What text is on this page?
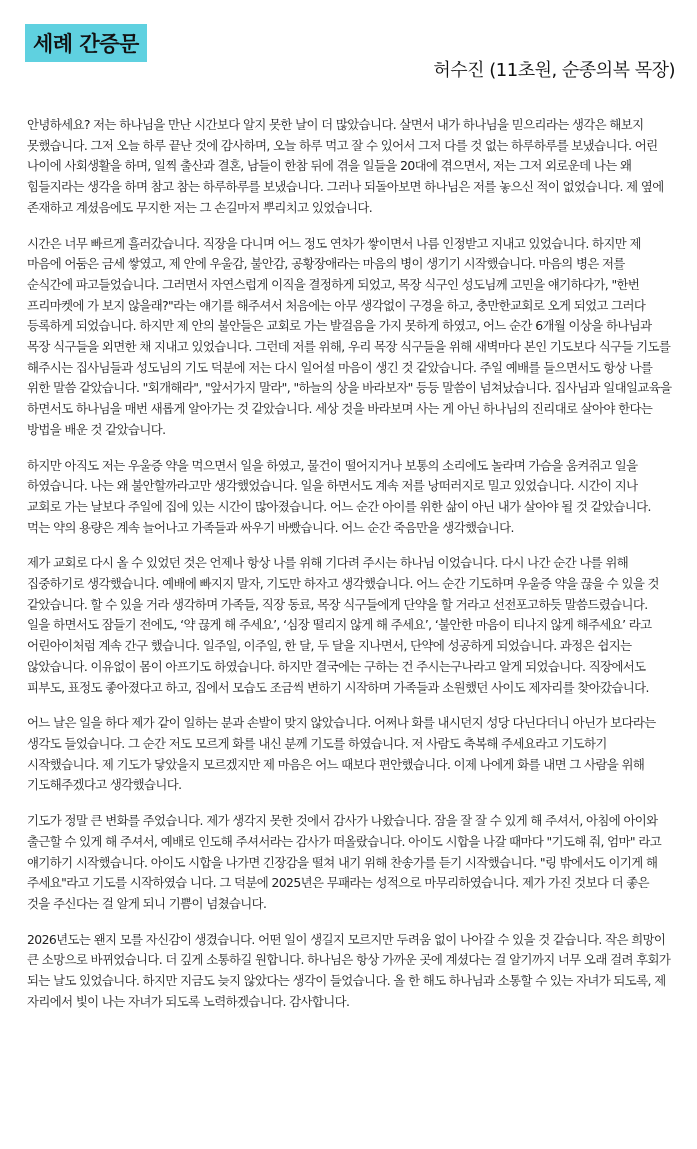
세례 간증문
허수진 (11초원, 순종의복 목장)

안녕하세요? 저는 하나님을 만난 시간보다 알지 못한 날이 더 많았습니다. 살면서 내가 하나님을 믿으리라는 생각은 해보지 못했습니다. 그저 오늘 하루 끝난 것에 감사하며, 오늘 하루 먹고 잘 수 있어서 그저 다를 것 없는 하루하루를 보냈습니다. 어린 나이에 사회생활을 하며, 일찍 출산과 결혼, 남들이 한참 뒤에 겪을 일들을 20대에 겪으면서, 저는 그저 외로운데 나는 왜 힘들지라는 생각을 하며 참고 참는 하루하루를 보냈습니다. 그러나 되돌아보면 하나님은 저를 놓으신 적이 없었습니다. 제 옆에 존재하고 계셨음에도 무지한 저는 그 손길마저 뿌리치고 있었습니다.

시간은 너무 빠르게 흘러갔습니다. 직장을 다니며 어느 정도 연차가 쌓이면서 나름 인정받고 지내고 있었습니다. 하지만 제 마음에 어둠은 금세 쌓였고, 제 안에 우울감, 불안감, 공황장애라는 마음의 병이 생기기 시작했습니다. 마음의 병은 저를 순식간에 파고들었습니다. 그러면서 자연스럽게 이직을 결정하게 되었고, 목장 식구인 성도님께 고민을 얘기하다가, "한번 프리마켓에 가 보지 않을래?"라는 얘기를 해주셔서 처음에는 아무 생각없이 구경을 하고, 충만한교회로 오게 되었고 그러다 등록하게 되었습니다. 하지만 제 안의 불안들은 교회로 가는 발걸음을 가지 못하게 하였고, 어느 순간 6개월 이상을 하나님과 목장 식구들을 외면한 채 지내고 있었습니다. 그런데 저를 위해, 우리 목장 식구들을 위해 새벽마다 본인 기도보다 식구들 기도를 해주시는 집사님들과 성도님의 기도 덕분에 저는 다시 일어설 마음이 생긴 것 같았습니다. 주일 예배를 들으면서도 항상 나를 위한 말씀 같았습니다. "회개해라", "앞서가지 말라", "하늘의 상을 바라보자" 등등 말씀이 넘쳐났습니다. 집사님과 일대일교육을 하면서도 하나님을 매번 새롭게 알아가는 것 같았습니다. 세상 것을 바라보며 사는 게 아닌 하나님의 진리대로 살아야 한다는 방법을 배운 것 같았습니다.

하지만 아직도 저는 우울증 약을 먹으면서 일을 하였고, 물건이 떨어지거나 보통의 소리에도 놀라며 가슴을 움켜쥐고 일을 하였습니다. 나는 왜 불안할까라고만 생각했었습니다. 일을 하면서도 계속 저를 낭떠러지로 밀고 있었습니다. 시간이 지나 교회로 가는 날보다 주일에 집에 있는 시간이 많아졌습니다. 어느 순간 아이를 위한 삶이 아닌 내가 살아야 될 것 같았습니다. 먹는 약의 용량은 계속 늘어나고 가족들과 싸우기 바빴습니다. 어느 순간 죽음만을 생각했습니다.

제가 교회로 다시 올 수 있었던 것은 언제나 항상 나를 위해 기다려 주시는 하나님 이었습니다. 다시 나간 순간 나를 위해 집중하기로 생각했습니다. 예배에 빠지지 말자, 기도만 하자고 생각했습니다. 어느 순간 기도하며 우울증 약을 끊을 수 있을 것 같았습니다. 할 수 있을 거라 생각하며 가족들, 직장 동료, 목장 식구들에게 단약을 할 거라고 선전포고하듯 말씀드렸습니다. 일을 하면서도 잠들기 전에도, ‘약 끊게 해 주세요’, ‘심장 떨리지 않게 해 주세요’, ‘불안한 마음이 티나지 않게 해주세요’ 라고 어린아이처럼 계속 간구 했습니다. 일주일, 이주일, 한 달, 두 달을 지나면서, 단약에 성공하게 되었습니다. 과정은 쉽지는 않았습니다. 이유없이 몸이 아프기도 하였습니다. 하지만 결국에는 구하는 건 주시는구나라고 알게 되었습니다. 직장에서도 피부도, 표정도 좋아졌다고 하고, 집에서 모습도 조금씩 변하기 시작하며 가족들과 소원했던 사이도 제자리를 찾아갔습니다.

어느 날은 일을 하다 제가 같이 일하는 분과 손발이 맞지 않았습니다. 어쩌나 화를 내시던지 성당 다닌다더니 아닌가 보다라는 생각도 들었습니다. 그 순간 저도 모르게 화를 내신 분께 기도를 하였습니다. 저 사람도 축복해 주세요라고 기도하기 시작했습니다. 제 기도가 닿았을지 모르겠지만 제 마음은 어느 때보다 편안했습니다. 이제 나에게 화를 내면 그 사람을 위해 기도해주겠다고 생각했습니다.

기도가 정말 큰 변화를 주었습니다. 제가 생각지 못한 것에서 감사가 나왔습니다. 잠을 잘 잘 수 있게 해 주셔서, 아침에 아이와 출근할 수 있게 해 주셔서, 예배로 인도해 주셔서라는 감사가 떠올랐습니다. 아이도 시합을 나갈 때마다 "기도해 줘, 엄마" 라고 얘기하기 시작했습니다. 아이도 시합을 나가면 긴장감을 떨쳐 내기 위해 찬송가를 듣기 시작했습니다. "링 밖에서도 이기게 해 주세요"라고 기도를 시작하였습 니다. 그 덕분에 2025년은 무패라는 성적으로 마무리하였습니다. 제가 가진 것보다 더 좋은 것을 주신다는 걸 알게 되니 기쁨이 넘쳤습니다.

2026년도는 왠지 모를 자신감이 생겼습니다. 어떤 일이 생길지 모르지만 두려움 없이 나아갈 수 있을 것 같습니다. 작은 희망이 큰 소망으로 바뀌었습니다. 더 깊게 소통하길 원합니다. 하나님은 항상 가까운 곳에 계셨다는 걸 알기까지 너무 오래 걸려 후회가 되는 날도 있었습니다. 하지만 지금도 늦지 않았다는 생각이 들었습니다. 올 한 해도 하나님과 소통할 수 있는 자녀가 되도록, 제 자리에서 빛이 나는 자녀가 되도록 노력하겠습니다. 감사합니다.
